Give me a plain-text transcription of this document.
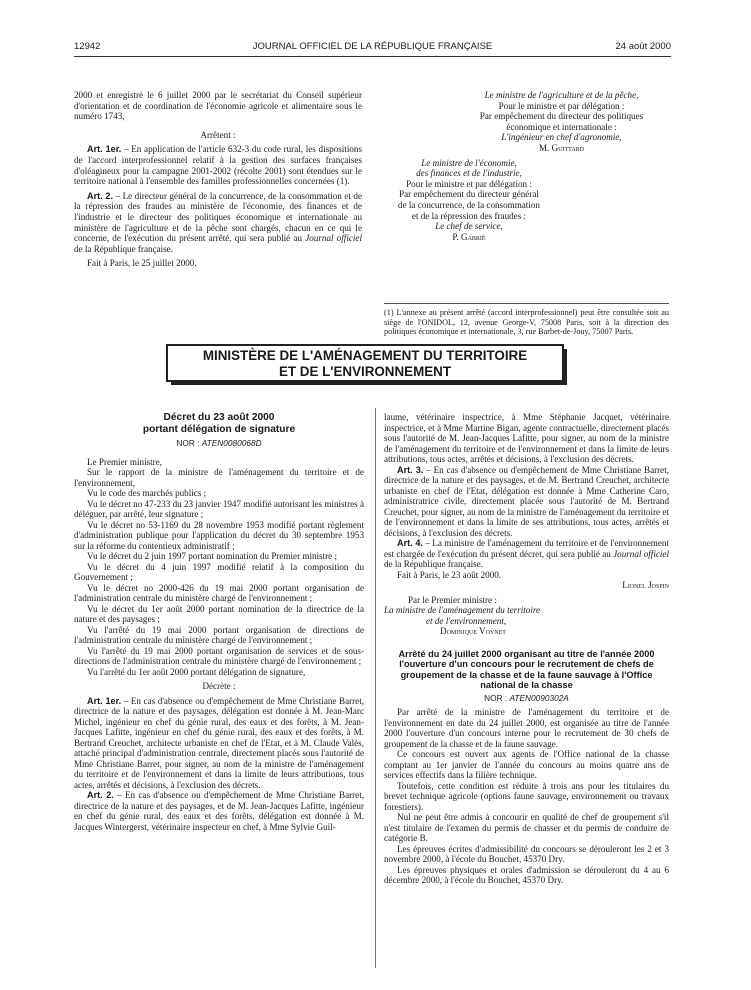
12942	JOURNAL OFFICIEL DE LA RÉPUBLIQUE FRANÇAISE	24 août 2000

2000 et enregistré le 6 juillet 2000 par le secrétariat du Conseil supérieur d'orientation et de coordination de l'économie agricole et alimentaire sous le numéro 1743,

Arrêtent :

Art. 1er. – En application de l'article 632-3 du code rural, les dispositions de l'accord interprofessionnel relatif à la gestion des surfaces françaises d'oléagineux pour la campagne 2001-2002 (récolte 2001) sont étendues sur le territoire national à l'ensemble des familles professionnelles concernées (1).

Art. 2. – Le directeur général de la concurrence, de la consommation et de la répression des fraudes au ministère de l'économie, des finances et de l'industrie et le directeur des politiques économique et internationale au ministère de l'agriculture et de la pêche sont chargés, chacun en ce qui le concerne, de l'exécution du présent arrêté, qui sera publié au Journal officiel de la République française.

Fait à Paris, le 25 juillet 2000.

Le ministre de l'agriculture et de la pêche,

Pour le ministre et par délégation :

Par empêchement du directeur des politiques

économique et internationale :

L'ingénieur en chef d'agronomie,

M. Guittard

Le ministre de l'économie,

des finances et de l'industrie,

Pour le ministre et par délégation :

Par empêchement du directeur général

de la concurrence, de la consommation

et de la répression des fraudes :

Le chef de service,

P. Gabrié

(1) L'annexe au présent arrêté (accord interprofessionnel) peut être consultée soit au siège de l'ONIDOL, 12, avenue George-V, 75008 Paris, soit à la direction des politiques économique et internationale, 3, rue Barbet-de-Jouy, 75007 Paris.
MINISTÈRE DE L'AMÉNAGEMENT DU TERRITOIRE
ET DE L'ENVIRONNEMENT

Décret du 23 août 2000

portant délégation de signature

NOR : ATEN0080068D

Le Premier ministre,

Sur le rapport de la ministre de l'aménagement du territoire et de l'environnement,

Vu le code des marchés publics ;

Vu le décret no 47-233 du 23 janvier 1947 modifié autorisant les ministres à déléguer, par arrêté, leur signature ;

Vu le décret no 53-1169 du 28 novembre 1953 modifié portant règlement d'administration publique pour l'application du décret du 30 septembre 1953 sur la réforme du contentieux administratif ;

Vu le décret du 2 juin 1997 portant nomination du Premier ministre ;

Vu le décret du 4 juin 1997 modifié relatif à la composition du Gouvernement ;

Vu le décret no 2000-426 du 19 mai 2000 portant organisation de l'administration centrale du ministère chargé de l'environnement ;

Vu le décret du 1er août 2000 portant nomination de la directrice de la nature et des paysages ;

Vu l'arrêté du 19 mai 2000 portant organisation de directions de l'administration centrale du ministère chargé de l'environnement ;

Vu l'arrêté du 19 mai 2000 portant organisation de services et de sous-directions de l'administration centrale du ministère chargé de l'environnement ;

Vu l'arrêté du 1er août 2000 portant délégation de signature,

Décrète :

Art. 1er. – En cas d'absence ou d'empêchement de Mme Christiane Barret, directrice de la nature et des paysages, délégation est donnée à M. Jean-Marc Michel, ingénieur en chef du génie rural, des eaux et des forêts, à M. Jean-Jacques Lafitte, ingénieur en chef du génie rural, des eaux et des forêts, à M. Bertrand Creuchet, architecte urbaniste en chef de l'Etat, et à M. Claude Valès, attaché principal d'administration centrale, directement placés sous l'autorité de Mme Christiane Barret, pour signer, au nom de la ministre de l'aménagement du territoire et de l'environnement et dans la limite de leurs attributions, tous actes, arrêtés et décisions, à l'exclusion des décrets.

Art. 2. – En cas d'absence ou d'empêchement de Mme Christiane Barret, directrice de la nature et des paysages, et de M. Jean-Jacques Lafitte, ingénieur en chef du génie rural, des eaux et des forêts, délégation est donnée à M. Jacques Wintergerst, vétérinaire inspecteur en chef, à Mme Sylvie Guil-

laume, vétérinaire inspectrice, à Mme Stéphanie Jacquet, vétérinaire inspectrice, et à Mme Martine Bigan, agente contractuelle, directement placés sous l'autorité de M. Jean-Jacques Lafitte, pour signer, au nom de la ministre de l'aménagement du territoire et de l'environnement et dans la limite de leurs attributions, tous actes, arrêtés et décisions, à l'exclusion des décrets.

Art. 3. – En cas d'absence ou d'empêchement de Mme Christiane Barret, directrice de la nature et des paysages, et de M. Bertrand Creuchet, architecte urbaniste en chef de l'Etat, délégation est donnée à Mme Catherine Caro, administratrice civile, directement placée sous l'autorité de M. Bertrand Creuchet, pour signer, au nom de la ministre de l'aménagement du territoire et de l'environnement et dans la limite de ses attributions, tous actes, arrêtés et décisions, à l'exclusion des décrets.

Art. 4. – La ministre de l'aménagement du territoire et de l'environnement est chargée de l'exécution du présent décret, qui sera publié au Journal officiel de la République française.

Fait à Paris, le 23 août 2000.

Lionel Jospin

Par le Premier ministre :

La ministre de l'aménagement du territoire

et de l'environnement,

Dominique Voynet

Arrêté du 24 juillet 2000 organisant au titre de l'année 2000 l'ouverture d'un concours pour le recrutement de chefs de groupement de la chasse et de la faune sauvage à l'Office national de la chasse

NOR : ATEN0090302A

Par arrêté de la ministre de l'aménagement du territoire et de l'environnement en date du 24 juillet 2000, est organisée au titre de l'année 2000 l'ouverture d'un concours interne pour le recrutement de 30 chefs de groupement de la chasse et de la faune sauvage.

Ce concours est ouvert aux agents de l'Office national de la chasse comptant au 1er janvier de l'année du concours au moins quatre ans de services effectifs dans la filière technique.

Toutefois, cette condition est réduite à trois ans pour les titulaires du brevet technique agricole (options faune sauvage, environnement ou travaux forestiers).

Nul ne peut être admis à concourir en qualité de chef de groupement s'il n'est titulaire de l'examen du permis de chasser et du permis de conduire de catégorie B.

Les épreuves écrites d'admissibilité du concours se dérouleront les 2 et 3 novembre 2000, à l'école du Bouchet, 45370 Dry.

Les épreuves physiques et orales d'admission se dérouleront du 4 au 6 décembre 2000, à l'école du Bouchet, 45370 Dry.
